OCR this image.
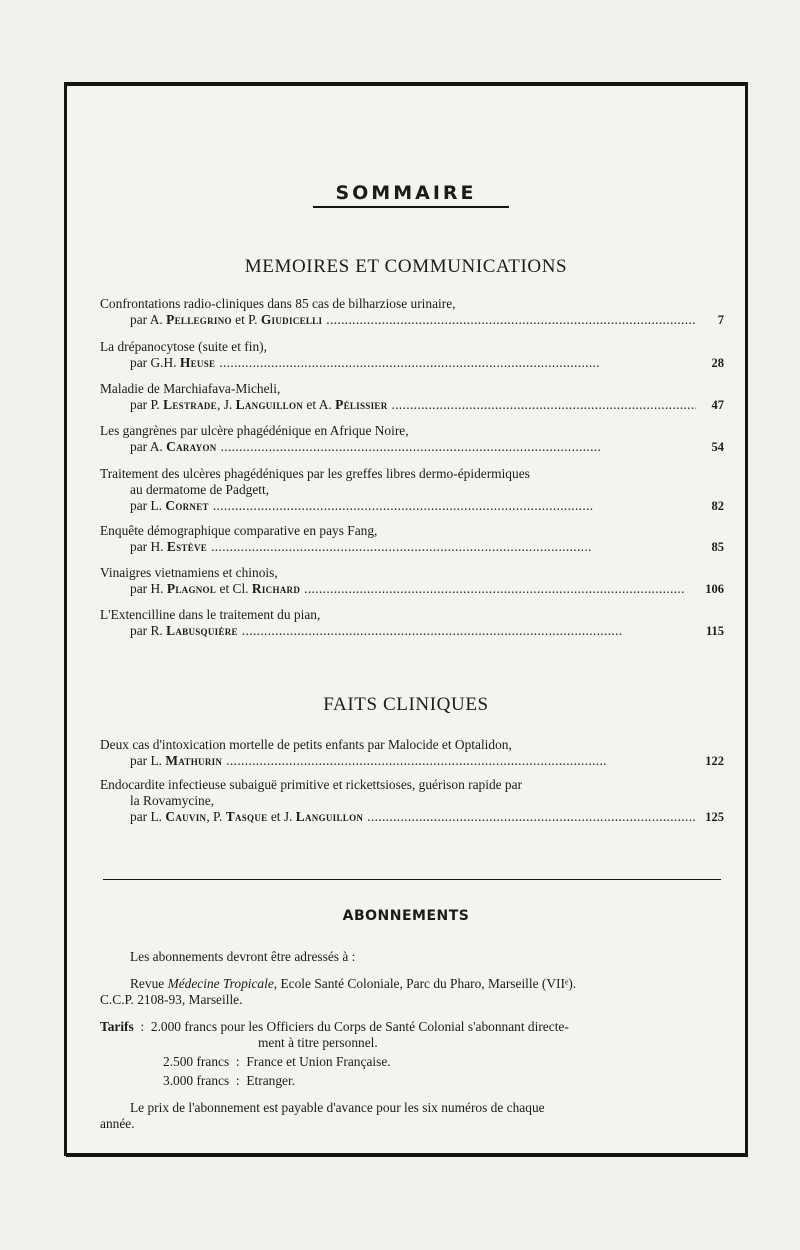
SOMMAIRE
MEMOIRES ET COMMUNICATIONS
Confrontations radio-cliniques dans 85 cas de bilharziose urinaire,
par A. Pellegrino et P. Giudicelli . . .	7
La drépanocytose (suite et fin),
par G.H. Heuse . . .	28
Maladie de Marchiafava-Micheli,
par P. Lestrade, J. Languillon et A. Pélissier . . .	47
Les gangrènes par ulcère phagédénique en Afrique Noire,
par A. Carayon . . .	54
Traitement des ulcères phagédéniques par les greffes libres dermo-épidermiques
au dermatome de Padgett,
par L. Cornet . . .	82
Enquête démographique comparative en pays Fang,
par H. Estève . . .	85
Vinaigres vietnamiens et chinois,
par H. Plagnol et Cl. Richard . . .	106
L'Extencilline dans le traitement du pian,
par R. Labusquière . . .	115
FAITS CLINIQUES
Deux cas d'intoxication mortelle de petits enfants par Malocide et Optalidon,
par L. Mathurin . . .	122
Endocardite infectieuse subaiguë primitive et rickettsioses, guérison rapide par
la Rovamycine,
par L. Cauvin, P. Tasque et J. Languillon . . .	125
ABONNEMENTS
Les abonnements devront être adressés à :
Revue Médecine Tropicale, Ecole Santé Coloniale, Parc du Pharo, Marseille (VIIᵉ).
C.C.P. 2108-93, Marseille.
Tarifs  :  2.000 francs pour les Officiers du Corps de Santé Colonial s'abonnant directe-
ment à titre personnel.
2.500 francs  :  France et Union Française.
3.000 francs  :  Etranger.
Le prix de l'abonnement est payable d'avance pour les six numéros de chaque
année.
